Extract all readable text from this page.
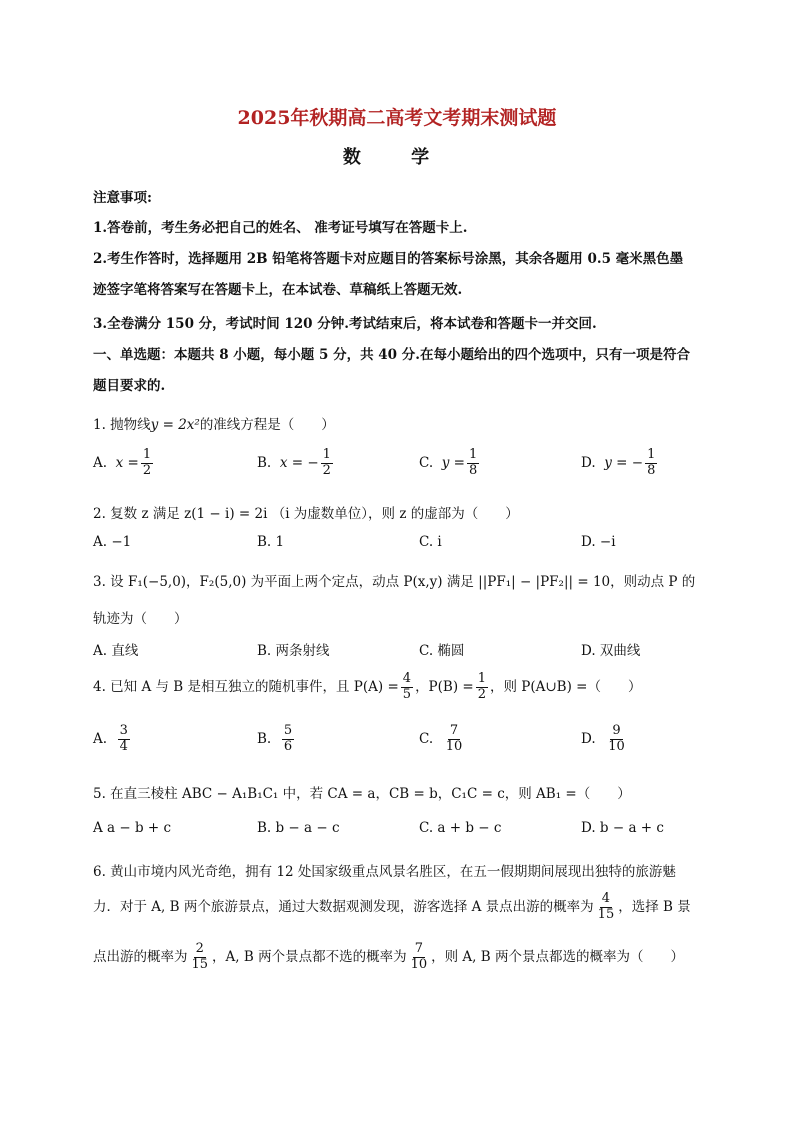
2025年秋期高二高考文考期末测试题
数 学
注意事项:
1.答卷前，考生务必把自己的姓名、 准考证号填写在答题卡上.
2.考生作答时，选择题用 2B 铅笔将答题卡对应题目的答案标号涂黑，其余各题用 0.5 毫米黑色墨
迹签字笔将答案写在答题卡上，在本试卷、草稿纸上答题无效.
3.全卷满分 150 分，考试时间 120 分钟.考试结束后，将本试卷和答题卡一并交回.
一、单选题：本题共 8 小题，每小题 5 分，共 40 分.在每小题给出的四个选项中，只有一项是符合
题目要求的.
1. 抛物线y = 2x²的准线方程是（　　）
A. $x = \frac{1}{2}$	B. x = − $\frac{1}{2}$	C. $y = \frac{1}{8}$	D. y = − $\frac{1}{8}$
2. 复数 z 满足 z(1 − i) = 2i （i 为虚数单位），则 z 的虚部为（　　）
A. −1	B. 1	C. i	D. −i
3. 设 F₁(−5,0)，F₂(5,0) 为平面上两个定点，动点 P(x,y) 满足 ||PF₁| − |PF₂|| = 10，则动点 P 的
轨迹为（　　）
A. 直线	B. 两条射线	C. 椭圆	D. 双曲线
4. 已知 A 与 B 是相互独立的随机事件，且 $P(A) = \frac{4}{5}$ ，$P(B) = \frac{1}{2}$ ，则 P(A∪B) =（　　）
A. $\frac{3}{4}$	B. $\frac{5}{6}$	C. $\frac{7}{10}$	D. $\frac{9}{10}$
5. 在直三棱柱 ABC − A₁B₁C₁ 中，若 CA = a，CB = b，C₁C = c，则 AB₁ =（　　）
A a − b + c	B. b − a − c	C. a + b − c	D. b − a + c
6. 黄山市境内风光奇绝，拥有 12 处国家级重点风景名胜区，在五一假期期间展现出独特的旅游魅
力．对于 A, B 两个旅游景点，通过大数据观测发现，游客选择 A 景点出游的概率为 $\frac{4}{15}$ ，选择 B 景
点出游的概率为 $\frac{2}{15}$ ，A, B 两个景点都不选的概率为 $\frac{7}{10}$ ，则 A, B 两个景点都选的概率为（　　）
